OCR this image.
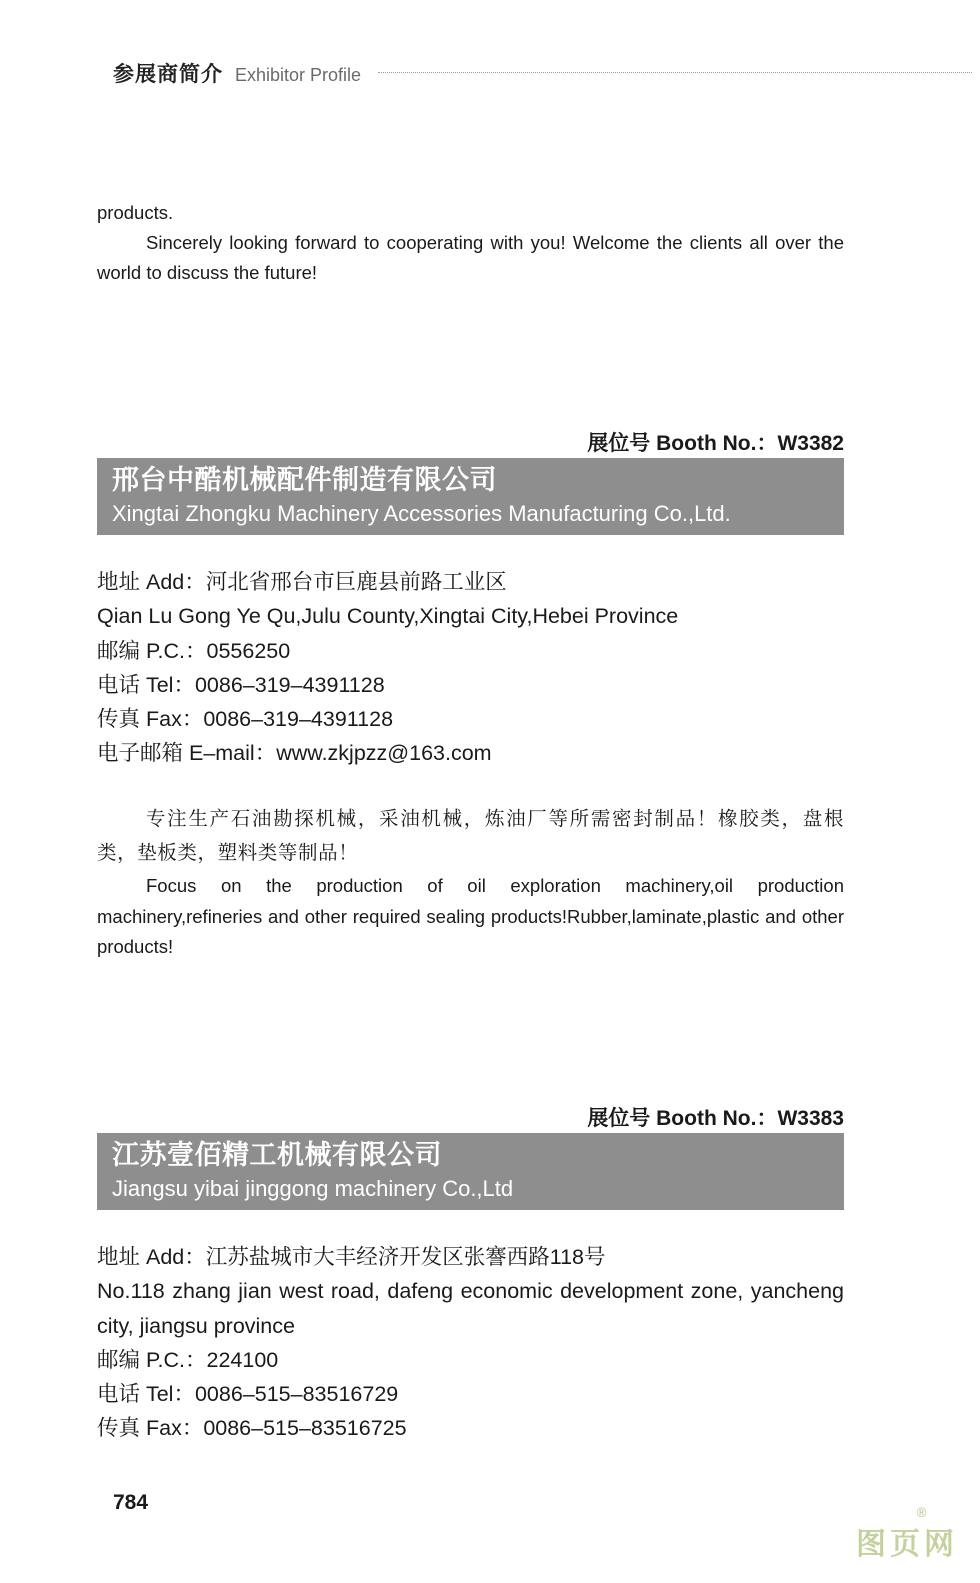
参展商简介 Exhibitor Profile

products.

Sincerely looking forward to cooperating with you! Welcome the clients all over the world to discuss the future!

展位号 Booth No.：W3382
邢台中酷机械配件制造有限公司
Xingtai Zhongku Machinery Accessories Manufacturing Co.,Ltd.
地址 Add：河北省邢台市巨鹿县前路工业区
Qian Lu Gong Ye Qu,Julu County,Xingtai City,Hebei Province
邮编 P.C.：0556250
电话 Tel：0086–319–4391128
传真 Fax：0086–319–4391128
电子邮箱 E–mail：www.zkjpzz@163.com

专注生产石油勘探机械，采油机械，炼油厂等所需密封制品！橡胶类，盘根类，垫板类，塑料类等制品！

Focus on the production of oil exploration machinery,oil production machinery,refineries and other required sealing products!Rubber,laminate,plastic and other products!

展位号 Booth No.：W3383
江苏壹佰精工机械有限公司
Jiangsu yibai jinggong machinery Co.,Ltd
地址 Add：江苏盐城市大丰经济开发区张謇西路118号
No.118 zhang jian west road, dafeng economic development zone, yancheng city, jiangsu province
邮编 P.C.：224100
电话 Tel：0086–515–83516729
传真 Fax：0086–515–83516725
784	®
图页网
